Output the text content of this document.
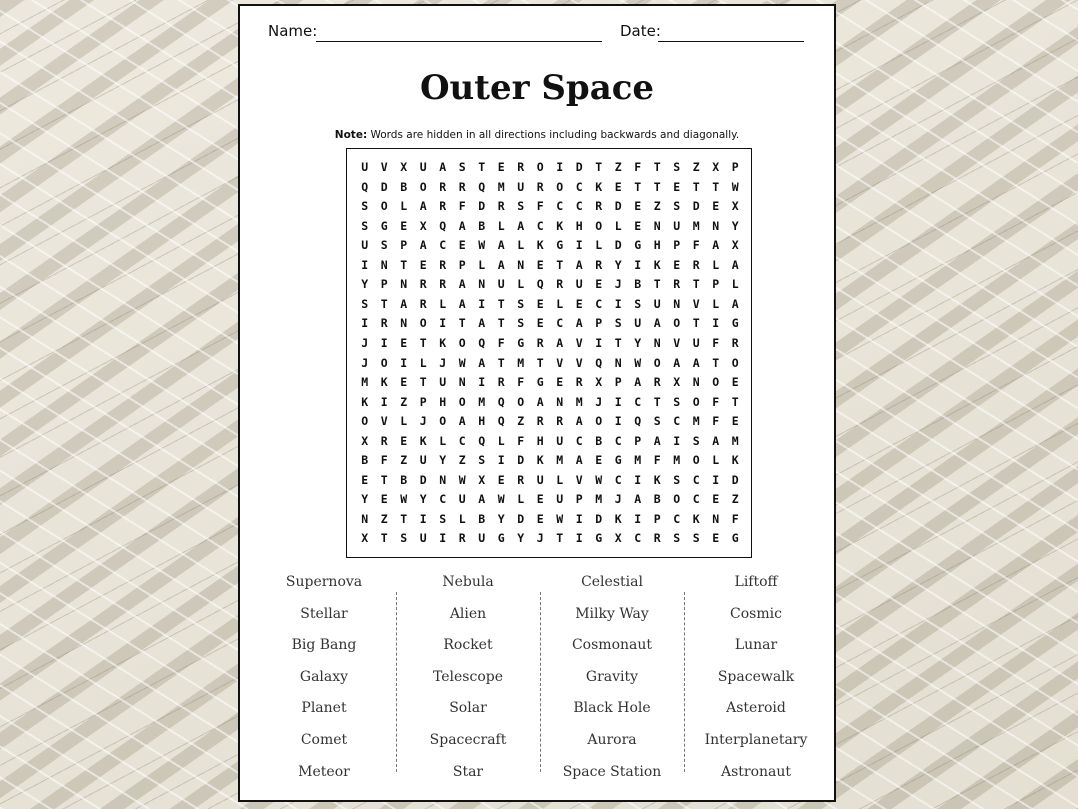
Name:	Date:
Outer Space
Note: Words are hidden in all directions including backwards and diagonally.
U	V	X	U	A	S	T	E	R	O	I	D	T	Z	F	T	S	Z	X	P
Q	D	B	O	R	R	Q	M	U	R	O	C	K	E	T	T	E	T	T	W
S	O	L	A	R	F	D	R	S	F	C	C	R	D	E	Z	S	D	E	X
S	G	E	X	Q	A	B	L	A	C	K	H	O	L	E	N	U	M	N	Y
U	S	P	A	C	E	W	A	L	K	G	I	L	D	G	H	P	F	A	X
I	N	T	E	R	P	L	A	N	E	T	A	R	Y	I	K	E	R	L	A
Y	P	N	R	R	A	N	U	L	Q	R	U	E	J	B	T	R	T	P	L
S	T	A	R	L	A	I	T	S	E	L	E	C	I	S	U	N	V	L	A
I	R	N	O	I	T	A	T	S	E	C	A	P	S	U	A	O	T	I	G
J	I	E	T	K	O	Q	F	G	R	A	V	I	T	Y	N	V	U	F	R
J	O	I	L	J	W	A	T	M	T	V	V	Q	N	W	O	A	A	T	O
M	K	E	T	U	N	I	R	F	G	E	R	X	P	A	R	X	N	O	E
K	I	Z	P	H	O	M	Q	O	A	N	M	J	I	C	T	S	O	F	T
O	V	L	J	O	A	H	Q	Z	R	R	A	O	I	Q	S	C	M	F	E
X	R	E	K	L	C	Q	L	F	H	U	C	B	C	P	A	I	S	A	M
B	F	Z	U	Y	Z	S	I	D	K	M	A	E	G	M	F	M	O	L	K
E	T	B	D	N	W	X	E	R	U	L	V	W	C	I	K	S	C	I	D
Y	E	W	Y	C	U	A	W	L	E	U	P	M	J	A	B	O	C	E	Z
N	Z	T	I	S	L	B	Y	D	E	W	I	D	K	I	P	C	K	N	F
X	T	S	U	I	R	U	G	Y	J	T	I	G	X	C	R	S	S	E	G
Supernova
Stellar
Big Bang
Galaxy
Planet
Comet
Meteor
Nebula
Alien
Rocket
Telescope
Solar
Spacecraft
Star
Celestial
Milky Way
Cosmonaut
Gravity
Black Hole
Aurora
Space Station
Liftoff
Cosmic
Lunar
Spacewalk
Asteroid
Interplanetary
Astronaut
